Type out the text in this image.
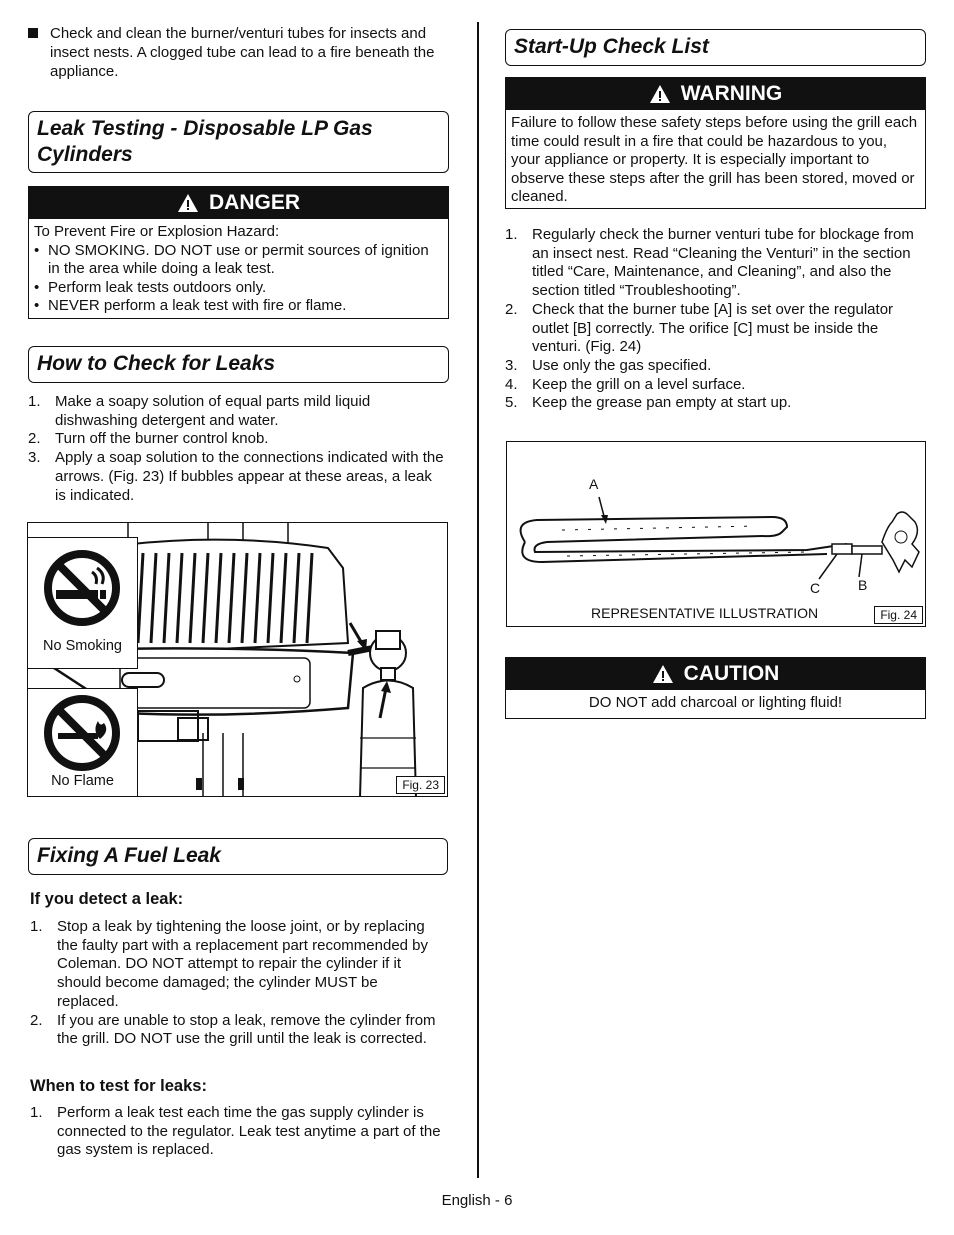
Check and clean the burner/venturi tubes for insects and insect nests. A clogged tube can lead to a fire beneath the appliance.
Leak Testing - Disposable LP Gas Cylinders
DANGER
To Prevent Fire or Explosion Hazard:
• NO SMOKING. DO NOT use or permit sources of ignition in the area while doing a leak test.
• Perform leak tests outdoors only.
• NEVER perform a leak test with fire or flame.
How to Check for Leaks
1. Make a soapy solution of equal parts mild liquid dishwashing detergent and water.
2. Turn off the burner control knob.
3. Apply a soap solution to the connections indicated with the arrows. (Fig. 23) If bubbles appear at these areas, a leak is indicated.
No Smoking
No Flame	Fig. 23
Fixing A Fuel Leak
If you detect a leak:
1. Stop a leak by tightening the loose joint, or by replacing the faulty part with a replacement part recommended by Coleman. DO NOT attempt to repair the cylinder if it should become damaged; the cylinder MUST be replaced.
2. If you are unable to stop a leak, remove the cylinder from the grill. DO NOT use the grill until the leak is corrected.
When to test for leaks:
1. Perform a leak test each time the gas supply cylinder is connected to the regulator. Leak test anytime a part of the gas system is replaced.
Start-Up Check List
WARNING
Failure to follow these safety steps before using the grill each time could result in a fire that could be hazardous to you, your appliance or property. It is especially important to observe these steps after the grill has been stored, moved or cleaned.
1. Regularly check the burner venturi tube for blockage from an insect nest. Read “Cleaning the Venturi” in the section titled “Care, Maintenance, and Cleaning”, and also the section titled “Troubleshooting”.
2. Check that the burner tube [A] is set over the regulator outlet [B] correctly. The orifice [C] must be inside the venturi. (Fig. 24)
3. Use only the gas specified.
4. Keep the grill on a level surface.
5. Keep the grease pan empty at start up.
A
C	B
REPRESENTATIVE ILLUSTRATION	Fig. 24
CAUTION
DO NOT add charcoal or lighting fluid!
English - 6
